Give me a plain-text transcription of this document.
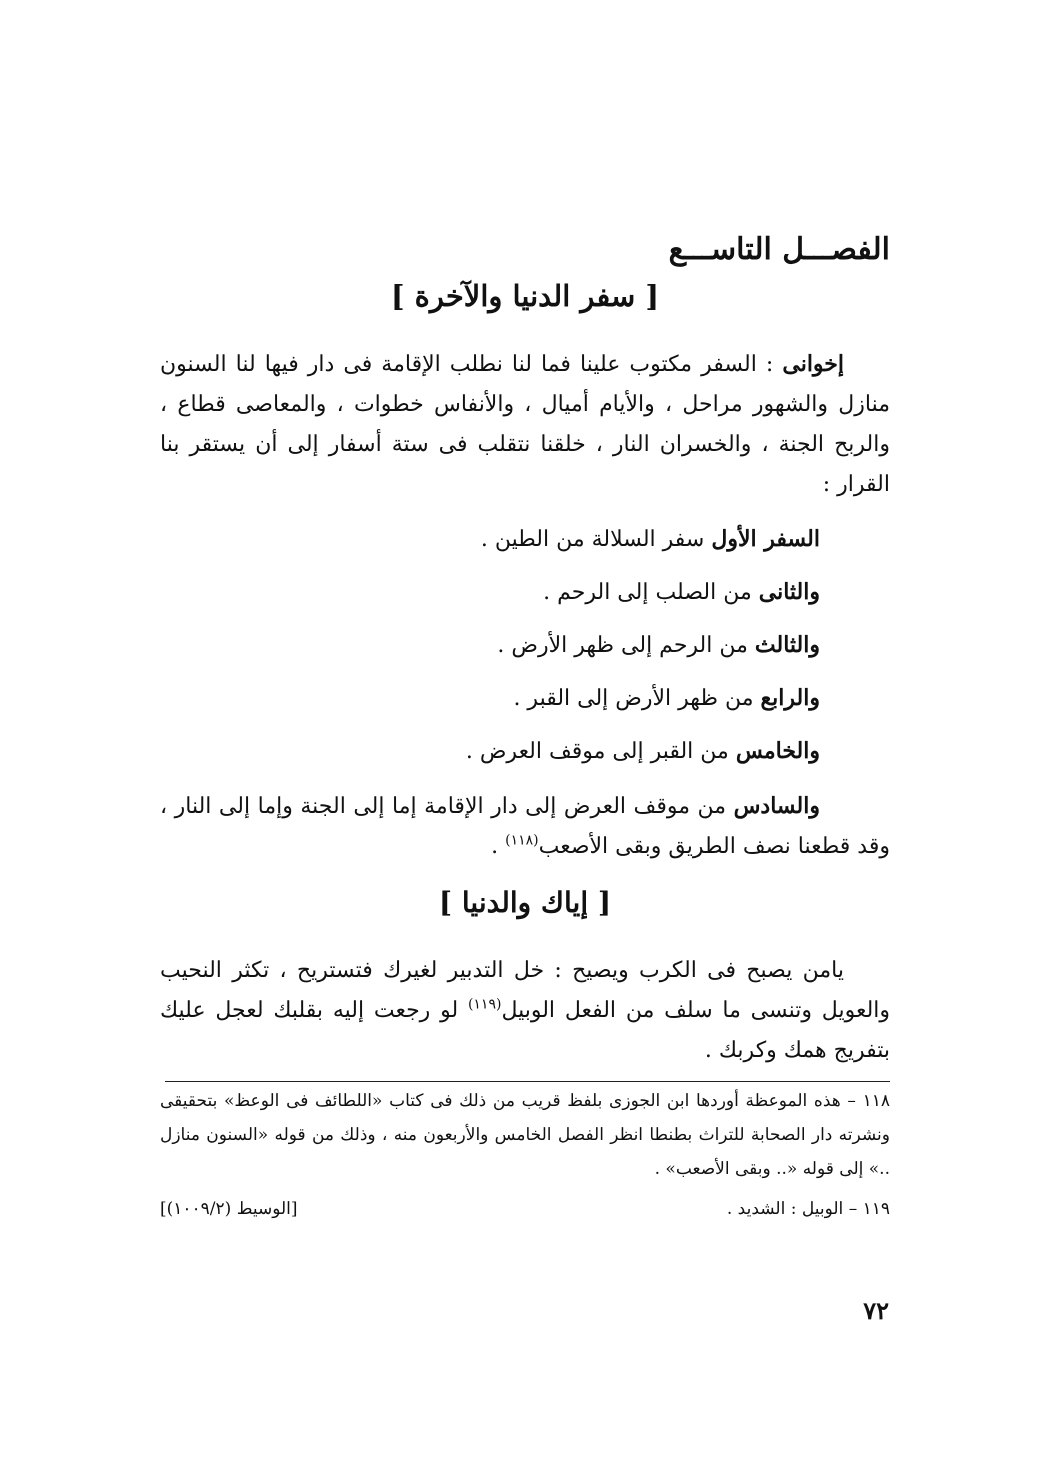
الفصـــل التاســـع
[ سفر الدنيا والآخرة ]

إخوانى : السفر مكتوب علينا فما لنا نطلب الإقامة فى دار فيها لنا السنون منازل والشهور مراحل ، والأيام أميال ، والأنفاس خطوات ، والمعاصى قطاع ، والربح الجنة ، والخسران النار ، خلقنا نتقلب فى ستة أسفار إلى أن يستقر بنا القرار :

السفر الأول سفر السلالة من الطين .
والثانى من الصلب إلى الرحم .
والثالث من الرحم إلى ظهر الأرض .
والرابع من ظهر الأرض إلى القبر .
والخامس من القبر إلى موقف العرض .
والسادس من موقف العرض إلى دار الإقامة إما إلى الجنة وإما إلى النار ، وقد قطعنا نصف الطريق وبقى الأصعب$^{(١١٨)}$ .
[ إياك والدنيا ]

يامن يصبح فى الكرب ويصيح : خل التدبير لغيرك فتستريح ، تكثر النحيب والعويل وتنسى ما سلف من الفعل الوبيل$^{(١١٩)}$ لو رجعت إليه بقلبك لعجل عليك بتفريج همك وكربك .

١١٨ – هذه الموعظة أوردها ابن الجوزى بلفظ قريب من ذلك فى كتاب «اللطائف فى الوعظ» بتحقيقى ونشرته دار الصحابة للتراث بطنطا انظر الفصل الخامس والأربعون منه ، وذلك من قوله «السنون منازل ..» إلى قوله «.. وبقى الأصعب» .

١١٩ – الوبيل : الشديد .
[الوسيط (١٠٠٩/٢)]
٧٢
